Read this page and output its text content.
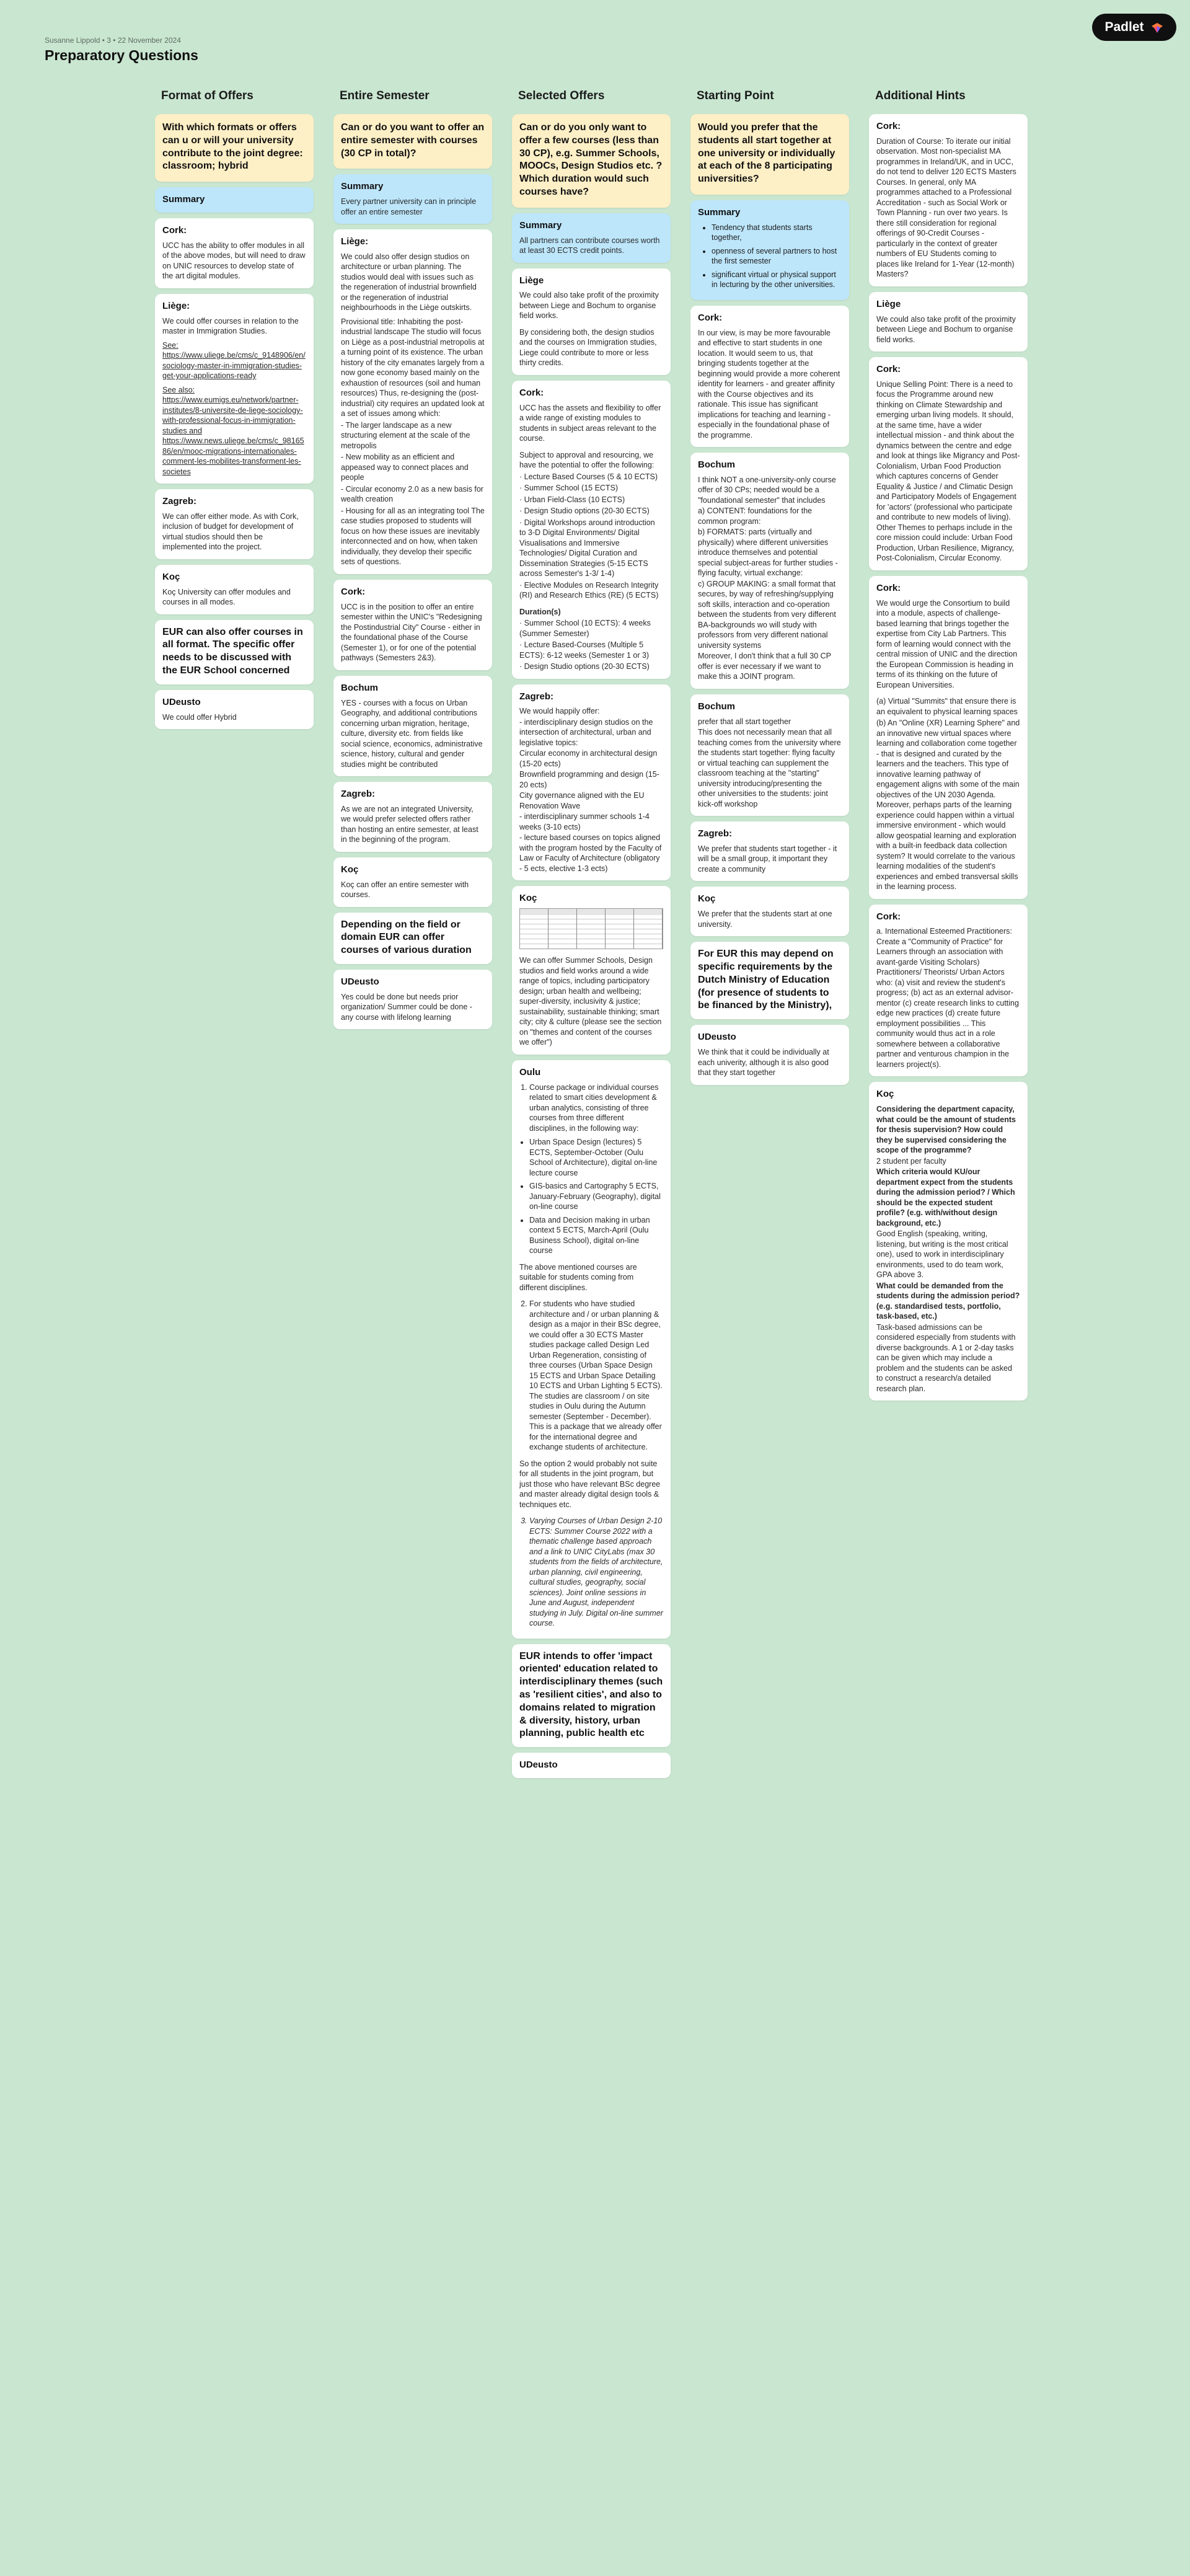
Susanne Lippold • 3 • 22 November 2024
Preparatory Questions
Padlet
Format of Offers
With which formats or offers can u or will your university contribute to the joint degree: classroom; hybrid
Summary
Cork:
UCC has the ability to offer modules in all of the above modes, but will need to draw on UNIC resources to develop state of the art digital modules.
Liège:
We could offer courses in relation to the master in Immigration Studies.
See: https://www.uliege.be/cms/c_9148906/en/sociology-master-in-immigration-studies-get-your-applications-ready
See also: https://www.eumigs.eu/network/partner-institutes/8-universite-de-liege-sociology-with-professional-focus-in-immigration-studies and https://www.news.uliege.be/cms/c_9816586/en/mooc-migrations-internationales-comment-les-mobilites-transforment-les-societes
Zagreb:
We can offer either mode. As with Cork, inclusion of budget for development of virtual studios should then be implemented into the project.
Koç
Koç University can offer modules and courses in all modes.
EUR can also offer courses in all format. The specific offer needs to be discussed with the EUR School concerned
UDeusto
We could offer Hybrid
Entire Semester
Can or do you want to offer an entire semester with courses (30 CP in total)?
Summary
Every partner university can in principle offer an entire semester
Liège:
We could also offer design studios on architecture or urban planning. The studios would deal with issues such as the regeneration of industrial brownfield or the regeneration of industrial neighbourhoods in the Liège outskirts.
Provisional title: Inhabiting the post-industrial landscape The studio will focus on Liège as a post-industrial metropolis at a turning point of its existence. The urban history of the city emanates largely from a now gone economy based mainly on the exhaustion of resources (soil and human resources) Thus, re-designing the (post-industrial) city requires an updated look at a set of issues among which:
- The larger landscape as a new structuring element at the scale of the metropolis
- New mobility as an efficient and appeased way to connect places and people
- Circular economy 2.0 as a new basis for wealth creation
- Housing for all as an integrating tool The case studies proposed to students will focus on how these issues are inevitably interconnected and on how, when taken individually, they develop their specific sets of questions.
Cork:
UCC is in the position to offer an entire semester within the UNIC's "Redesigning the Postindustrial City" Course - either in the foundational phase of the Course (Semester 1), or for one of the potential pathways (Semesters 2&3).
Bochum
YES - courses with a focus on Urban Geography, and additional contributions concerning urban migration, heritage, culture, diversity etc. from fields like social science, economics, administrative science, history, cultural and gender studies might be contributed
Zagreb:
As we are not an integrated University, we would prefer selected offers rather than hosting an entire semester, at least in the beginning of the program.
Koç
Koç can offer an entire semester with courses.
Depending on the field or domain EUR can offer courses of various duration
UDeusto
Yes could be done but needs prior organization/ Summer could be done - any course with lifelong learning
Selected Offers
Can or do you only want to offer a few courses (less than 30 CP), e.g. Summer Schools, MOOCs, Design Studios etc. ? Which duration would such courses have?
Summary
All partners can contribute courses worth at least 30 ECTS credit points.
Liège
We could also take profit of the proximity between Liege and Bochum to organise field works.
By considering both, the design studios and the courses on Immigration studies, Liege could contribute to more or less thirty credits.
Cork:
UCC has the assets and flexibility to offer a wide range of existing modules to students in subject areas relevant to the course.
Subject to approval and resourcing, we have the potential to offer the following:
· Lecture Based Courses (5 & 10 ECTS)
· Summer School (15 ECTS)
· Urban Field-Class (10 ECTS)
· Design Studio options (20-30 ECTS)
· Digital Workshops around introduction to 3-D Digital Environments/ Digital Visualisations and Immersive Technologies/ Digital Curation and Dissemination Strategies (5-15 ECTS across Semester's 1-3/ 1-4)
· Elective Modules on Research Integrity (RI) and Research Ethics (RE) (5 ECTS)
Duration(s)
· Summer School (10 ECTS): 4 weeks (Summer Semester)
· Lecture Based-Courses (Multiple 5 ECTS): 6-12 weeks (Semester 1 or 3)
· Design Studio options (20-30 ECTS)
Zagreb:
We would happily offer:
- interdisciplinary design studios on the intersection of architectural, urban and legislative topics:
Circular economy in architectural design (15-20 ects)
Brownfield programming and design (15-20 ects)
City governance aligned with the EU Renovation Wave
- interdisciplinary summer schools 1-4 weeks (3-10 ects)
- lecture based courses on topics aligned with the program hosted by the Faculty of Law or Faculty of Architecture (obligatory - 5 ects, elective 1-3 ects)
Koç
We can offer Summer Schools, Design studios and field works around a wide range of topics, including participatory design; urban health and wellbeing; super-diversity, inclusivity & justice; sustainability, sustainable thinking; smart city; city & culture (please see the section on "themes and content of the courses we offer")
Oulu
1. Course package or individual courses related to smart cities development & urban analytics, consisting of three courses from three different disciplines, in the following way:
• Urban Space Design (lectures) 5 ECTS, September-October (Oulu School of Architecture), digital on-line lecture course
• GIS-basics and Cartography 5 ECTS, January-February (Geography), digital on-line course
• Data and Decision making in urban context 5 ECTS, March-April (Oulu Business School), digital on-line course
The above mentioned courses are suitable for students coming from different disciplines.
2. For students who have studied architecture and / or urban planning & design as a major in their BSc degree, we could offer a 30 ECTS Master studies package called Design Led Urban Regeneration, consisting of three courses (Urban Space Design 15 ECTS and Urban Space Detailing 10 ECTS and Urban Lighting 5 ECTS). The studies are classroom / on site studies in Oulu during the Autumn semester (September - December). This is a package that we already offer for the international degree and exchange students of architecture.
So the option 2 would probably not suite for all students in the joint program, but just those who have relevant BSc degree and master already digital design tools & techniques etc.
3. Varying Courses of Urban Design 2-10 ECTS: Summer Course 2022 with a thematic challenge based approach and a link to UNIC CityLabs (max 30 students from the fields of architecture, urban planning, civil engineering, cultural studies, geography, social sciences). Joint online sessions in June and August, independent studying in July. Digital on-line summer course.
EUR intends to offer 'impact oriented' education related to interdisciplinary themes (such as 'resilient cities', and also to domains related to migration & diversity, history, urban planning, public health etc
UDeusto
Starting Point
Would you prefer that the students all start together at one university or individually at each of the 8 participating universities?
Summary
• Tendency that students starts together,
• openness of several partners to host the first semester
• significant virtual or physical support in lecturing by the other universities.
Cork:
In our view, is may be more favourable and effective to start students in one location. It would seem to us, that bringing students together at the beginning would provide a more coherent identity for learners - and greater affinity with the Course objectives and its rationale. This issue has significant implications for teaching and learning - especially in the foundational phase of the programme.
Bochum
I think NOT a one-university-only course offer of 30 CPs; needed would be a "foundational semester" that includes
a) CONTENT: foundations for the common program:
b) FORMATS: parts (virtually and physically) where different universities introduce themselves and potential special subject-areas for further studies - flying faculty, virtual exchange:
c) GROUP MAKING: a small format that secures, by way of refreshing/supplying soft skills, interaction and co-operation between the students from very different BA-backgrounds wo will study with professors from very different national university systems
Moreover, I don't think that a full 30 CP offer is ever necessary if we want to make this a JOINT program.
Bochum
prefer that all start together
This does not necessarily mean that all teaching comes from the university where the students start together: flying faculty or virtual teaching can supplement the classroom teaching at the "starting" university introducing/presenting the other universities to the students: joint kick-off workshop
Zagreb:
We prefer that students start together - it will be a small group, it important they create a community
Koç
We prefer that the students start at one university.
For EUR this may depend on specific requirements by the Dutch Ministry of Education (for presence of students to be financed by the Ministry),
UDeusto
We think that it could be individually at each univerity, although it is also good that they start together
Additional Hints
Cork:
Duration of Course: To iterate our initial observation. Most non-specialist MA programmes in Ireland/UK, and in UCC, do not tend to deliver 120 ECTS Masters Courses. In general, only MA programmes attached to a Professional Accreditation - such as Social Work or Town Planning - run over two years. Is there still consideration for regional offerings of 90-Credit Courses - particularly in the context of greater numbers of EU Students coming to places like Ireland for 1-Year (12-month) Masters?
Liège
We could also take profit of the proximity between Liege and Bochum to organise field works.
Cork:
Unique Selling Point: There is a need to focus the Programme around new thinking on Climate Stewardship and emerging urban living models. It should, at the same time, have a wider intellectual mission - and think about the dynamics between the centre and edge and look at things like Migrancy and Post-Colonialism, Urban Food Production which captures concerns of Gender Equality & Justice / and Climatic Design and Participatory Models of Engagement for 'actors' (professional who participate and contribute to new models of living). Other Themes to perhaps include in the core mission could include: Urban Food Production, Urban Resilience, Migrancy, Post-Colonialism, Circular Economy.
Cork:
We would urge the Consortium to build into a module, aspects of challenge-based learning that brings together the expertise from City Lab Partners. This form of learning would connect with the central mission of UNIC and the direction the European Commission is heading in terms of its thinking on the future of European Universities.
(a) Virtual "Summits" that ensure there is an equivalent to physical learning spaces
(b) An "Online (XR) Learning Sphere" and an innovative new virtual spaces where learning and collaboration come together - that is designed and curated by the learners and the teachers. This type of innovative learning pathway of engagement aligns with some of the main objectives of the UN 2030 Agenda. Moreover, perhaps parts of the learning experience could happen within a virtual immersive environment - which would allow geospatial learning and exploration with a built-in feedback data collection system? It would correlate to the various learning modalities of the student's experiences and embed transversal skills in the learning process.
Cork:
a. International Esteemed Practitioners: Create a "Community of Practice" for Learners through an association with avant-garde Visiting Scholars) Practitioners/ Theorists/ Urban Actors who: (a) visit and review the student's progress; (b) act as an external advisor-mentor (c) create research links to cutting edge new practices (d) create future employment possibilities ... This community would thus act in a role somewhere between a collaborative partner and venturous champion in the learners project(s).
Koç
Considering the department capacity, what could be the amount of students for thesis supervision? How could they be supervised considering the scope of the programme?
2 student per faculty
Which criteria would KU/our department expect from the students during the admission period? / Which should be the expected student profile? (e.g. with/without design background, etc.)
Good English (speaking, writing, listening, but writing is the most critical one), used to work in interdisciplinary environments, used to do team work, GPA above 3.
What could be demanded from the students during the admission period? (e.g. standardised tests, portfolio, task-based, etc.)
Task-based admissions can be considered especially from students with diverse backgrounds. A 1 or 2-day tasks can be given which may include a problem and the students can be asked to construct a research/a detailed research plan.
